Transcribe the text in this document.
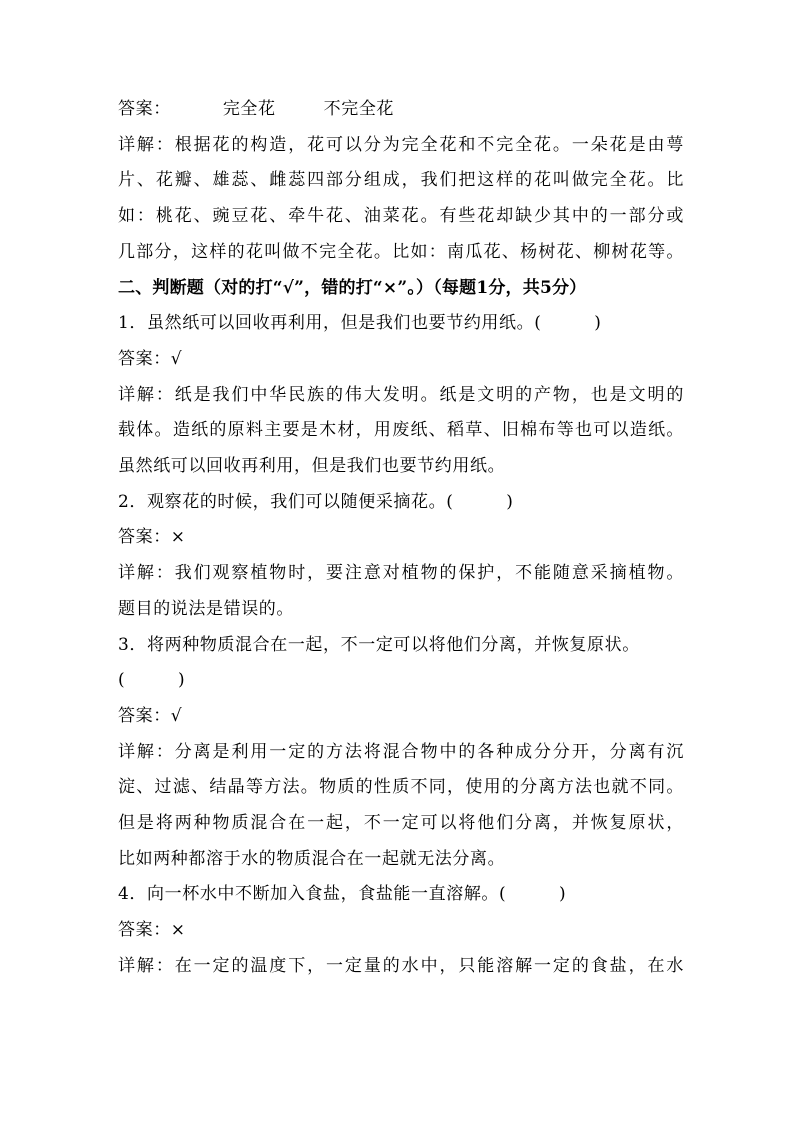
答案：	完全花	不完全花

详解：根据花的构造，花可以分为完全花和不完全花。一朵花是由萼

片、花瓣、雄蕊、雌蕊四部分组成，我们把这样的花叫做完全花。比

如：桃花、豌豆花、牵牛花、油菜花。有些花却缺少其中的一部分或

几部分，这样的花叫做不完全花。比如：南瓜花、杨树花、柳树花等。

二、判断题（对的打“√”，错的打“×”。）（每题1分，共5分）

1．虽然纸可以回收再利用，但是我们也要节约用纸。(　　　)

答案：√

详解：纸是我们中华民族的伟大发明。纸是文明的产物，也是文明的

载体。造纸的原料主要是木材，用废纸、稻草、旧棉布等也可以造纸。

虽然纸可以回收再利用，但是我们也要节约用纸。

2．观察花的时候，我们可以随便采摘花。(　　　)

答案：×

详解：我们观察植物时，要注意对植物的保护，不能随意采摘植物。

题目的说法是错误的。

3．将两种物质混合在一起，不一定可以将他们分离，并恢复原状。

(　　　)

答案：√

详解：分离是利用一定的方法将混合物中的各种成分分开，分离有沉

淀、过滤、结晶等方法。物质的性质不同，使用的分离方法也就不同。

但是将两种物质混合在一起，不一定可以将他们分离，并恢复原状，

比如两种都溶于水的物质混合在一起就无法分离。

4．向一杯水中不断加入食盐，食盐能一直溶解。(　　　)

答案：×

详解：在一定的温度下，一定量的水中，只能溶解一定的食盐，在水
